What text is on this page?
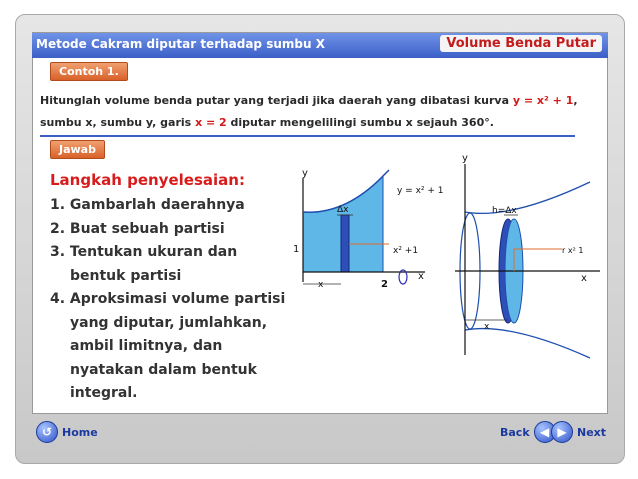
Metode Cakram diputar terhadap sumbu X	Volume Benda Putar
Contoh 1.
Hitunglah volume benda putar yang terjadi jika daerah yang dibatasi kurva y = x² + 1,
sumbu x, sumbu y, garis x = 2 diputar mengelilingi sumbu x sejauh 360°.
Jawab
Langkah penyelesaian:
1. Gambarlah daerahnya
2. Buat sebuah partisi
3. Tentukan ukuran dan bentuk partisi
4. Aproksimasi volume partisi yang diputar, jumlahkan, ambil limitnya, dan nyatakan dalam bentuk integral.
y
y = x² + 1
Δx
x² +1
1
2
x
x
y
h=Δx
r x² 1
x
x
↺ Home	Back ◀ ▶ Next
